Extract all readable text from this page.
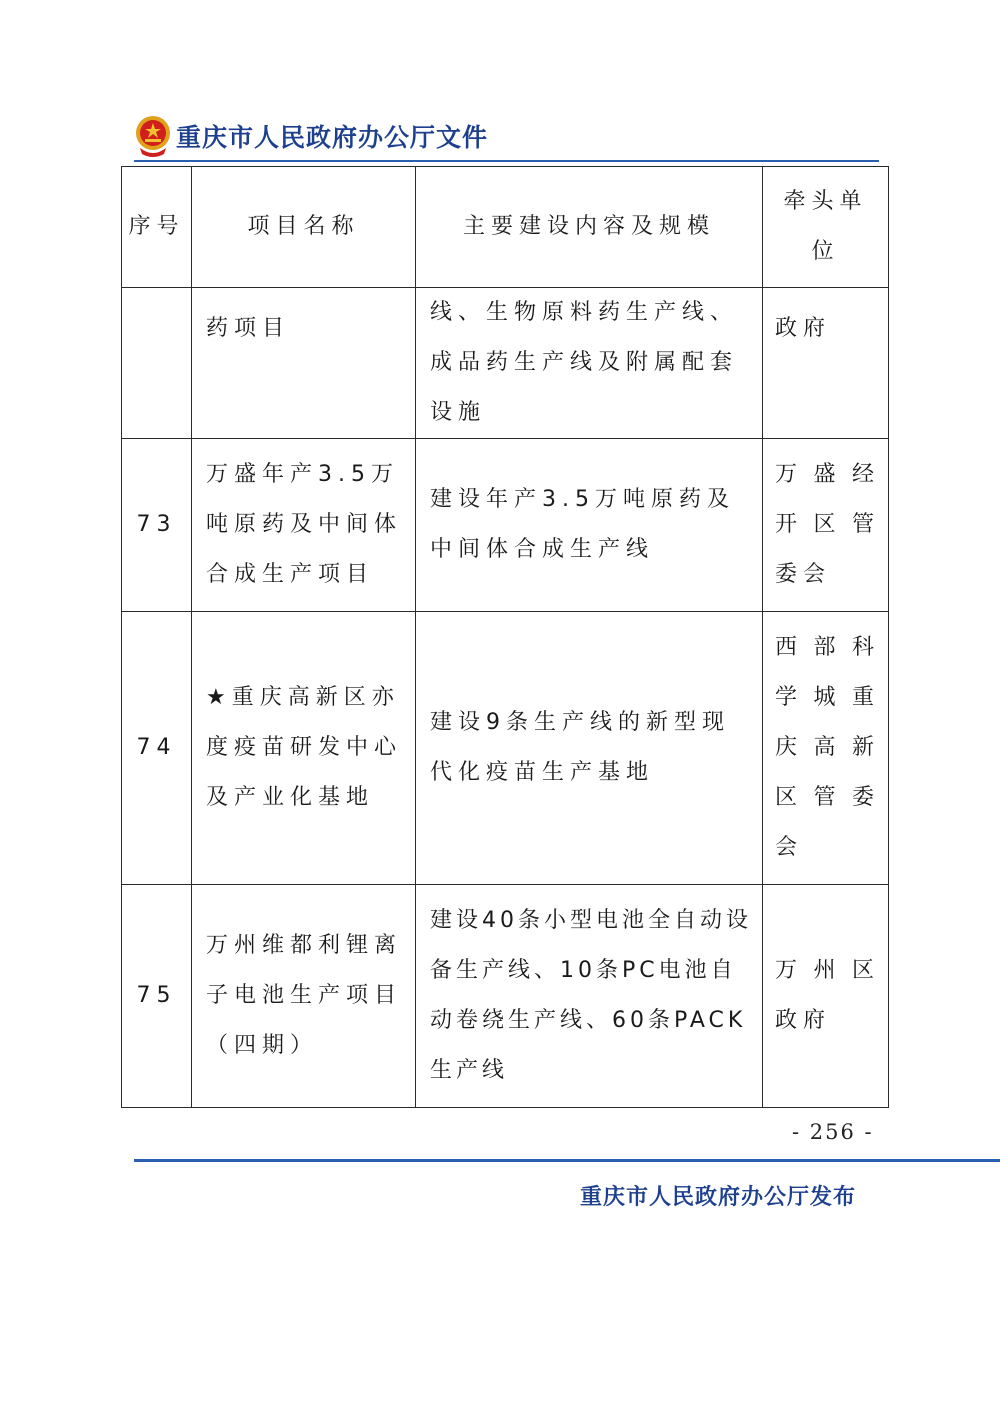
重庆市人民政府办公厅文件
序号	项目名称	主要建设内容及规模	牵头单位
	药项目	线、生物原料药生产线、成品药生产线及附属配套设施	政府
73	万盛年产3.5万吨原药及中间体合成生产项目	建设年产3.5万吨原药及中间体合成生产线	万盛经开区管委会
74	★重庆高新区亦度疫苗研发中心及产业化基地	建设9条生产线的新型现代化疫苗生产基地	西部科学城重庆高新区管委会
75	万州维都利锂离子电池生产项目（四期）	建设40条小型电池全自动设备生产线、10条PC电池自动卷绕生产线、60条PACK生产线	万州区政府
- 256 -
重庆市人民政府办公厅发布
